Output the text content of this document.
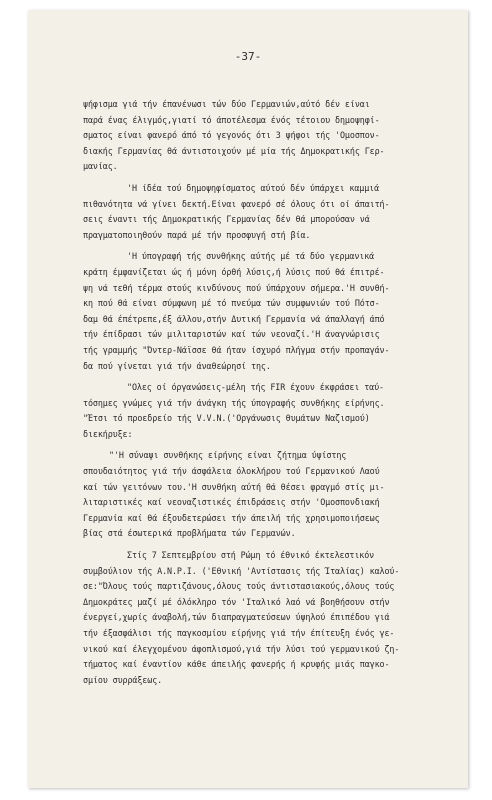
-37-
ψήφισμα γιά τήν έπανένωσι τών δύο Γερμανιών,αύτό δέν είναι
παρά ένας έλιγμός,γιατί τό άποτέλεσμα ένός τέτοιου δημοψηφί-
σματος είναι φανερό άπό τό γεγονός ότι 3 ψήφοι τής 'Ομοσπον-
διακής Γερμανίας θά άντιστοιχούν μέ μία τής Δημοκρατικής Γερ-
μανίας.
'Η ίδέα τού δημοψηφίσματος αύτού δέν ύπάρχει καμμιά
πιθανότητα νά γίνει δεκτή.Είναι φανερό σέ όλους ότι οί άπαιτή-
σεις έναντι τής Δημοκρατικής Γερμανίας δέν θά μπορούσαν νά
πραγματοποιηθούν παρά μέ τήν προσφυγή στή βία.
'Η ύπογραφή τής συνθήκης αύτής μέ τά δύο γερμανικά
κράτη έμφανίζεται ώς ή μόνη όρθή λύσις,ή λύσις πού θά έπιτρέ-
ψη νά τεθή τέρμα στούς κινδύνους πού ύπάρχουν σήμερα.'Η συνθή-
κη πού θά είναι σύμφωνη μέ τό πνεύμα τών συμφωνιών τού Πότσ-
δαμ θά έπέτρεπε,έξ άλλου,στήν Δυτική Γερμανία νά άπαλλαγή άπό
τήν έπίδρασι τών μιλιταριστών καί τών νεοναζί.'Η άναγνώρισις
τής γραμμής "Όντερ-Νάϊσσε θά ήταν ίσχυρό πλήγμα στήν προπαγάν-
δα πού γίνεται γιά τήν άναθεώρησί της.
"Ολες οί όργανώσεις-μέλη τής FIR έχουν έκφράσει ταύ-
τόσημες γνώμες γιά τήν άνάγκη τής ύπογραφής συνθήκης είρήνης.
"Έτσι τό προεδρείο τής V.V.N.('Οργάνωσις θυμάτων Ναζισμού)
διεκήρυξε:
"'Η σύναψι συνθήκης είρήνης είναι ζήτημα ύψίστης
σπουδαιότητος γιά τήν άσφάλεια όλοκλήρου τού Γερμανικού Λαού
καί τών γειτόνων του.'Η συνθήκη αύτή θά θέσει φραγμό στίς μι-
λιταριστικές καί νεοναζιστικές έπιδράσεις στήν 'Ομοσπονδιακή
Γερμανία καί θά έξουδετερώσει τήν άπειλή τής χρησιμοποιήσεως
βίας στά έσωτερικά προβλήματα τών Γερμανών.
Στίς 7 Σεπτεμβρίου στή Ρώμη τό έθνικό έκτελεστικόν
συμβούλιον τής A.N.P.I. ('Εθνική 'Αντίστασις τής Ίταλίας) καλού-
σε:"Όλους τούς παρτιζάνους,όλους τούς άντιστασιακούς,όλους τούς
Δημοκράτες μαζί μέ όλόκληρο τόν 'Ιταλικό λαό νά βοηθήσουν στήν
ένεργεί,χωρίς άναβολή,τών διαπραγματεύσεων ύψηλού έπιπέδου γιά
τήν έξασφάλισι τής παγκοσμίου είρήνης γιά τήν έπίτευξη ένός γε-
νικού καί έλεγχομένου άφοπλισμού,γιά τήν λύσι τού γερμανικού ζη-
τήματος καί έναντίον κάθε άπειλής φανερής ή κρυφής μιάς παγκο-
σμίου συρράξεως.
